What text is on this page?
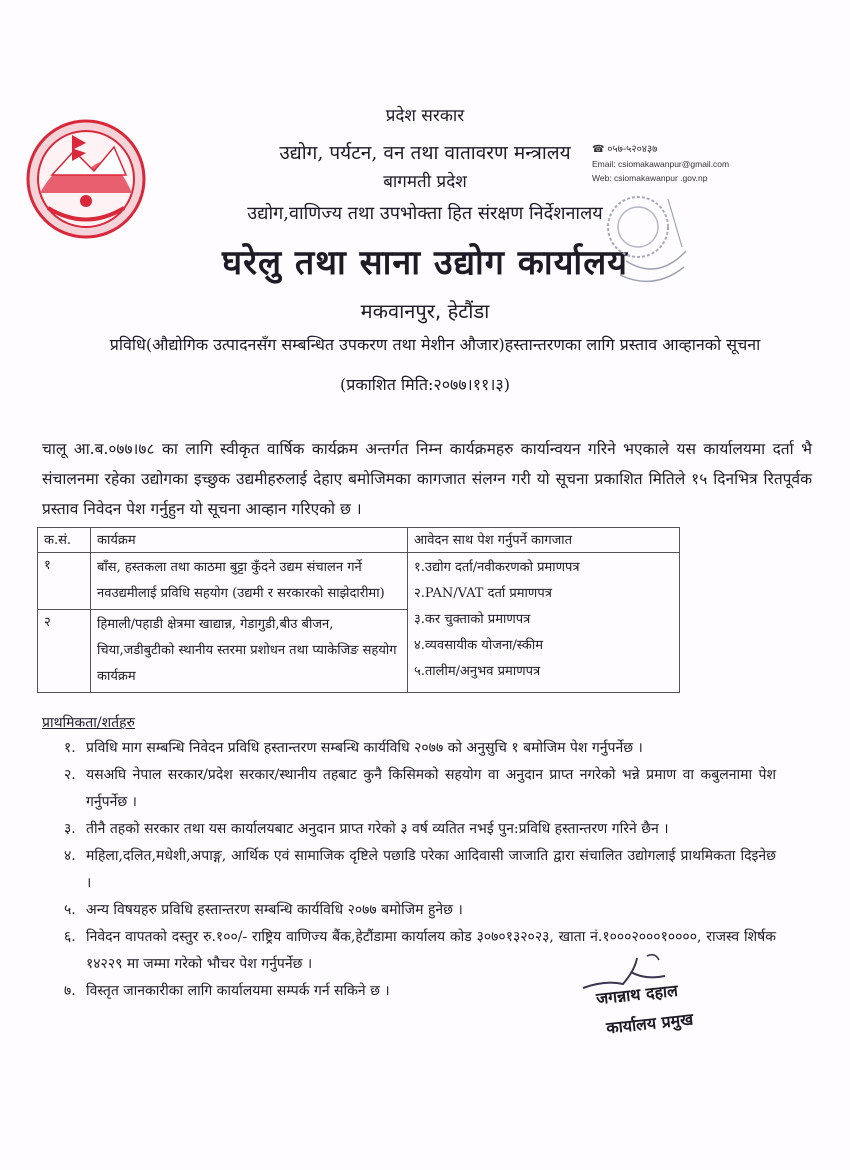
प्रदेश सरकार
उद्योग, पर्यटन, वन तथा वातावरण मन्त्रालय
बागमती प्रदेश
उद्योग,वाणिज्य तथा उपभोक्ता हित संरक्षण निर्देशनालय
घरेलु तथा साना उद्योग कार्यालय
मकवानपुर, हेटौंडा
☎ ०५७-५२०४३७
Email: csiomakawanpur@gmail.com
Web: csiomakawanpur .gov.np
प्रविधि(औद्योगिक उत्पादनसँग सम्बन्धित उपकरण तथा मेशीन औजार)हस्तान्तरणका लागि प्रस्ताव आव्हानको सूचना
(प्रकाशित मिति:२०७७।११।३)
चालू आ.ब.०७७।७८ का लागि स्वीकृत वार्षिक कार्यक्रम अन्तर्गत निम्न कार्यक्रमहरु कार्यान्वयन गरिने भएकाले यस कार्यालयमा दर्ता भै संचालनमा रहेका उद्योगका इच्छुक उद्यमीहरुलाई देहाए बमोजिमका कागजात संलग्न गरी यो सूचना प्रकाशित मितिले १५ दिनभित्र रितपूर्वक प्रस्ताव निवेदन पेश गर्नुहुन यो सूचना आव्हान गरिएको छ ।
क.सं.	कार्यक्रम	आवेदन साथ पेश गर्नुपर्ने कागजात
१	बाँस, हस्तकला तथा काठमा बुट्टा कुँदने उद्यम संचालन गर्ने नवउद्यमीलाई प्रविधि सहयोग (उद्यमी र सरकारको साझेदारीमा)	१.उद्योग दर्ता/नवीकरणको प्रमाणपत्र
२.PAN/VAT दर्ता प्रमाणपत्र
३.कर चुक्ताको प्रमाणपत्र
४.व्यवसायीक योजना/स्कीम
५.तालीम/अनुभव प्रमाणपत्र

२	हिमाली/पहाडी क्षेत्रमा खाद्यान्न, गेडागुडी,बीउ बीजन, चिया,जडीबुटीको स्थानीय स्तरमा प्रशोधन तथा प्याकेजिङ सहयोग कार्यक्रम	
प्राथमिकता/शर्तहरु
१. प्रविधि माग सम्बन्धि निवेदन प्रविधि हस्तान्तरण सम्बन्धि कार्यविधि २०७७ को अनुसुचि १ बमोजिम पेश गर्नुपर्नेछ ।
२. यसअघि नेपाल सरकार/प्रदेश सरकार/स्थानीय तहबाट कुनै किसिमको सहयोग वा अनुदान प्राप्त नगरेको भन्ने प्रमाण वा कबुलनामा पेश गर्नुपर्नेछ ।
३. तीनै तहको सरकार तथा यस कार्यालयबाट अनुदान प्राप्त गरेको ३ वर्ष व्यतित नभई पुन:प्रविधि हस्तान्तरण गरिने छैन ।
४. महिला,दलित,मधेशी,अपाङ्ग, आर्थिक एवं सामाजिक दृष्टिले पछाडि परेका आदिवासी जाजाति द्वारा संचालित उद्योगलाई प्राथमिकता दिइनेछ ।
५. अन्य विषयहरु प्रविधि हस्तान्तरण सम्बन्धि कार्यविधि २०७७ बमोजिम हुनेछ ।
६. निवेदन वापतको दस्तुर रु.१००/- राष्ट्रिय वाणिज्य बैंक,हेटौंडामा कार्यालय कोड ३०७०१३२०२३, खाता नं.१०००२०००१००००, राजस्व शिर्षक १४२२९ मा जम्मा गरेको भौचर पेश गर्नुपर्नेछ ।
७. विस्तृत जानकारीका लागि कार्यालयमा सम्पर्क गर्न सकिने छ ।	जगन्नाथ दहाल
कार्यालय प्रमुख
